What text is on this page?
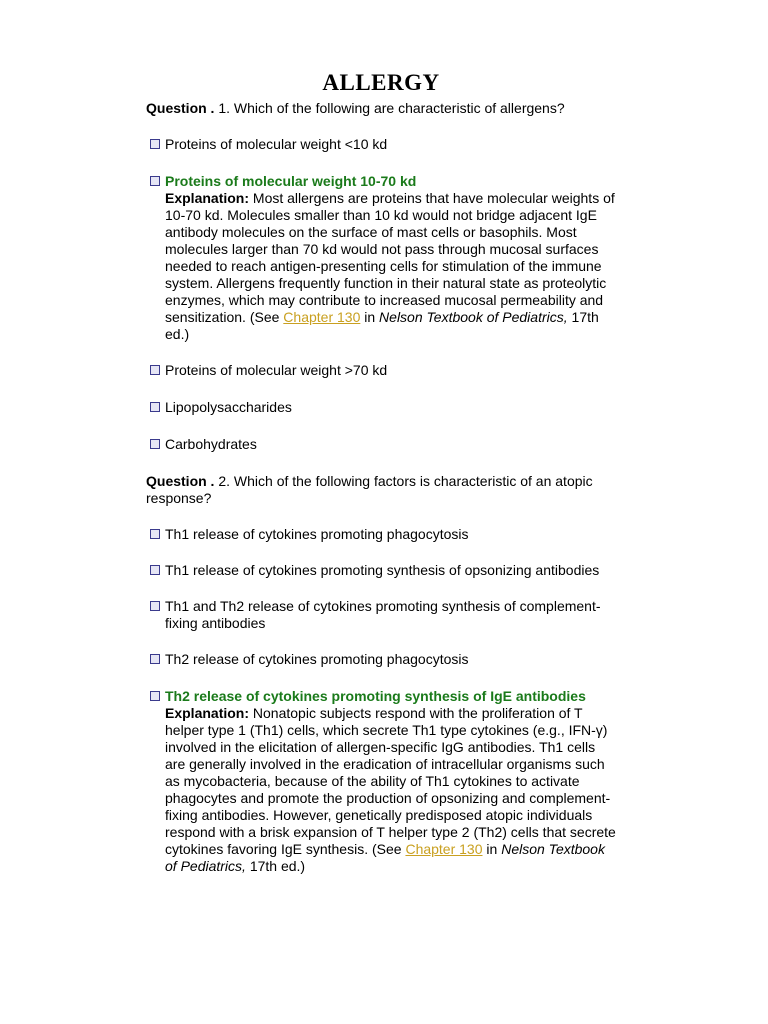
ALLERGY

Question . 1. Which of the following are characteristic of allergens?

Proteins of molecular weight <10 kd
Proteins of molecular weight 10-70 kd
Explanation: Most allergens are proteins that have molecular weights of 10-70 kd. Molecules smaller than 10 kd would not bridge adjacent IgE antibody molecules on the surface of mast cells or basophils. Most molecules larger than 70 kd would not pass through mucosal surfaces needed to reach antigen-presenting cells for stimulation of the immune system. Allergens frequently function in their natural state as proteolytic enzymes, which may contribute to increased mucosal permeability and sensitization. (See Chapter 130 in Nelson Textbook of Pediatrics, 17th ed.)
Proteins of molecular weight >70 kd
Lipopolysaccharides
Carbohydrates

Question . 2. Which of the following factors is characteristic of an atopic response?

Th1 release of cytokines promoting phagocytosis
Th1 release of cytokines promoting synthesis of opsonizing antibodies
Th1 and Th2 release of cytokines promoting synthesis of complement-fixing antibodies
Th2 release of cytokines promoting phagocytosis
Th2 release of cytokines promoting synthesis of IgE antibodies
Explanation: Nonatopic subjects respond with the proliferation of T helper type 1 (Th1) cells, which secrete Th1 type cytokines (e.g., IFN-γ) involved in the elicitation of allergen-specific IgG antibodies. Th1 cells are generally involved in the eradication of intracellular organisms such as mycobacteria, because of the ability of Th1 cytokines to activate phagocytes and promote the production of opsonizing and complement-fixing antibodies. However, genetically predisposed atopic individuals respond with a brisk expansion of T helper type 2 (Th2) cells that secrete cytokines favoring IgE synthesis. (See Chapter 130 in Nelson Textbook of Pediatrics, 17th ed.)
